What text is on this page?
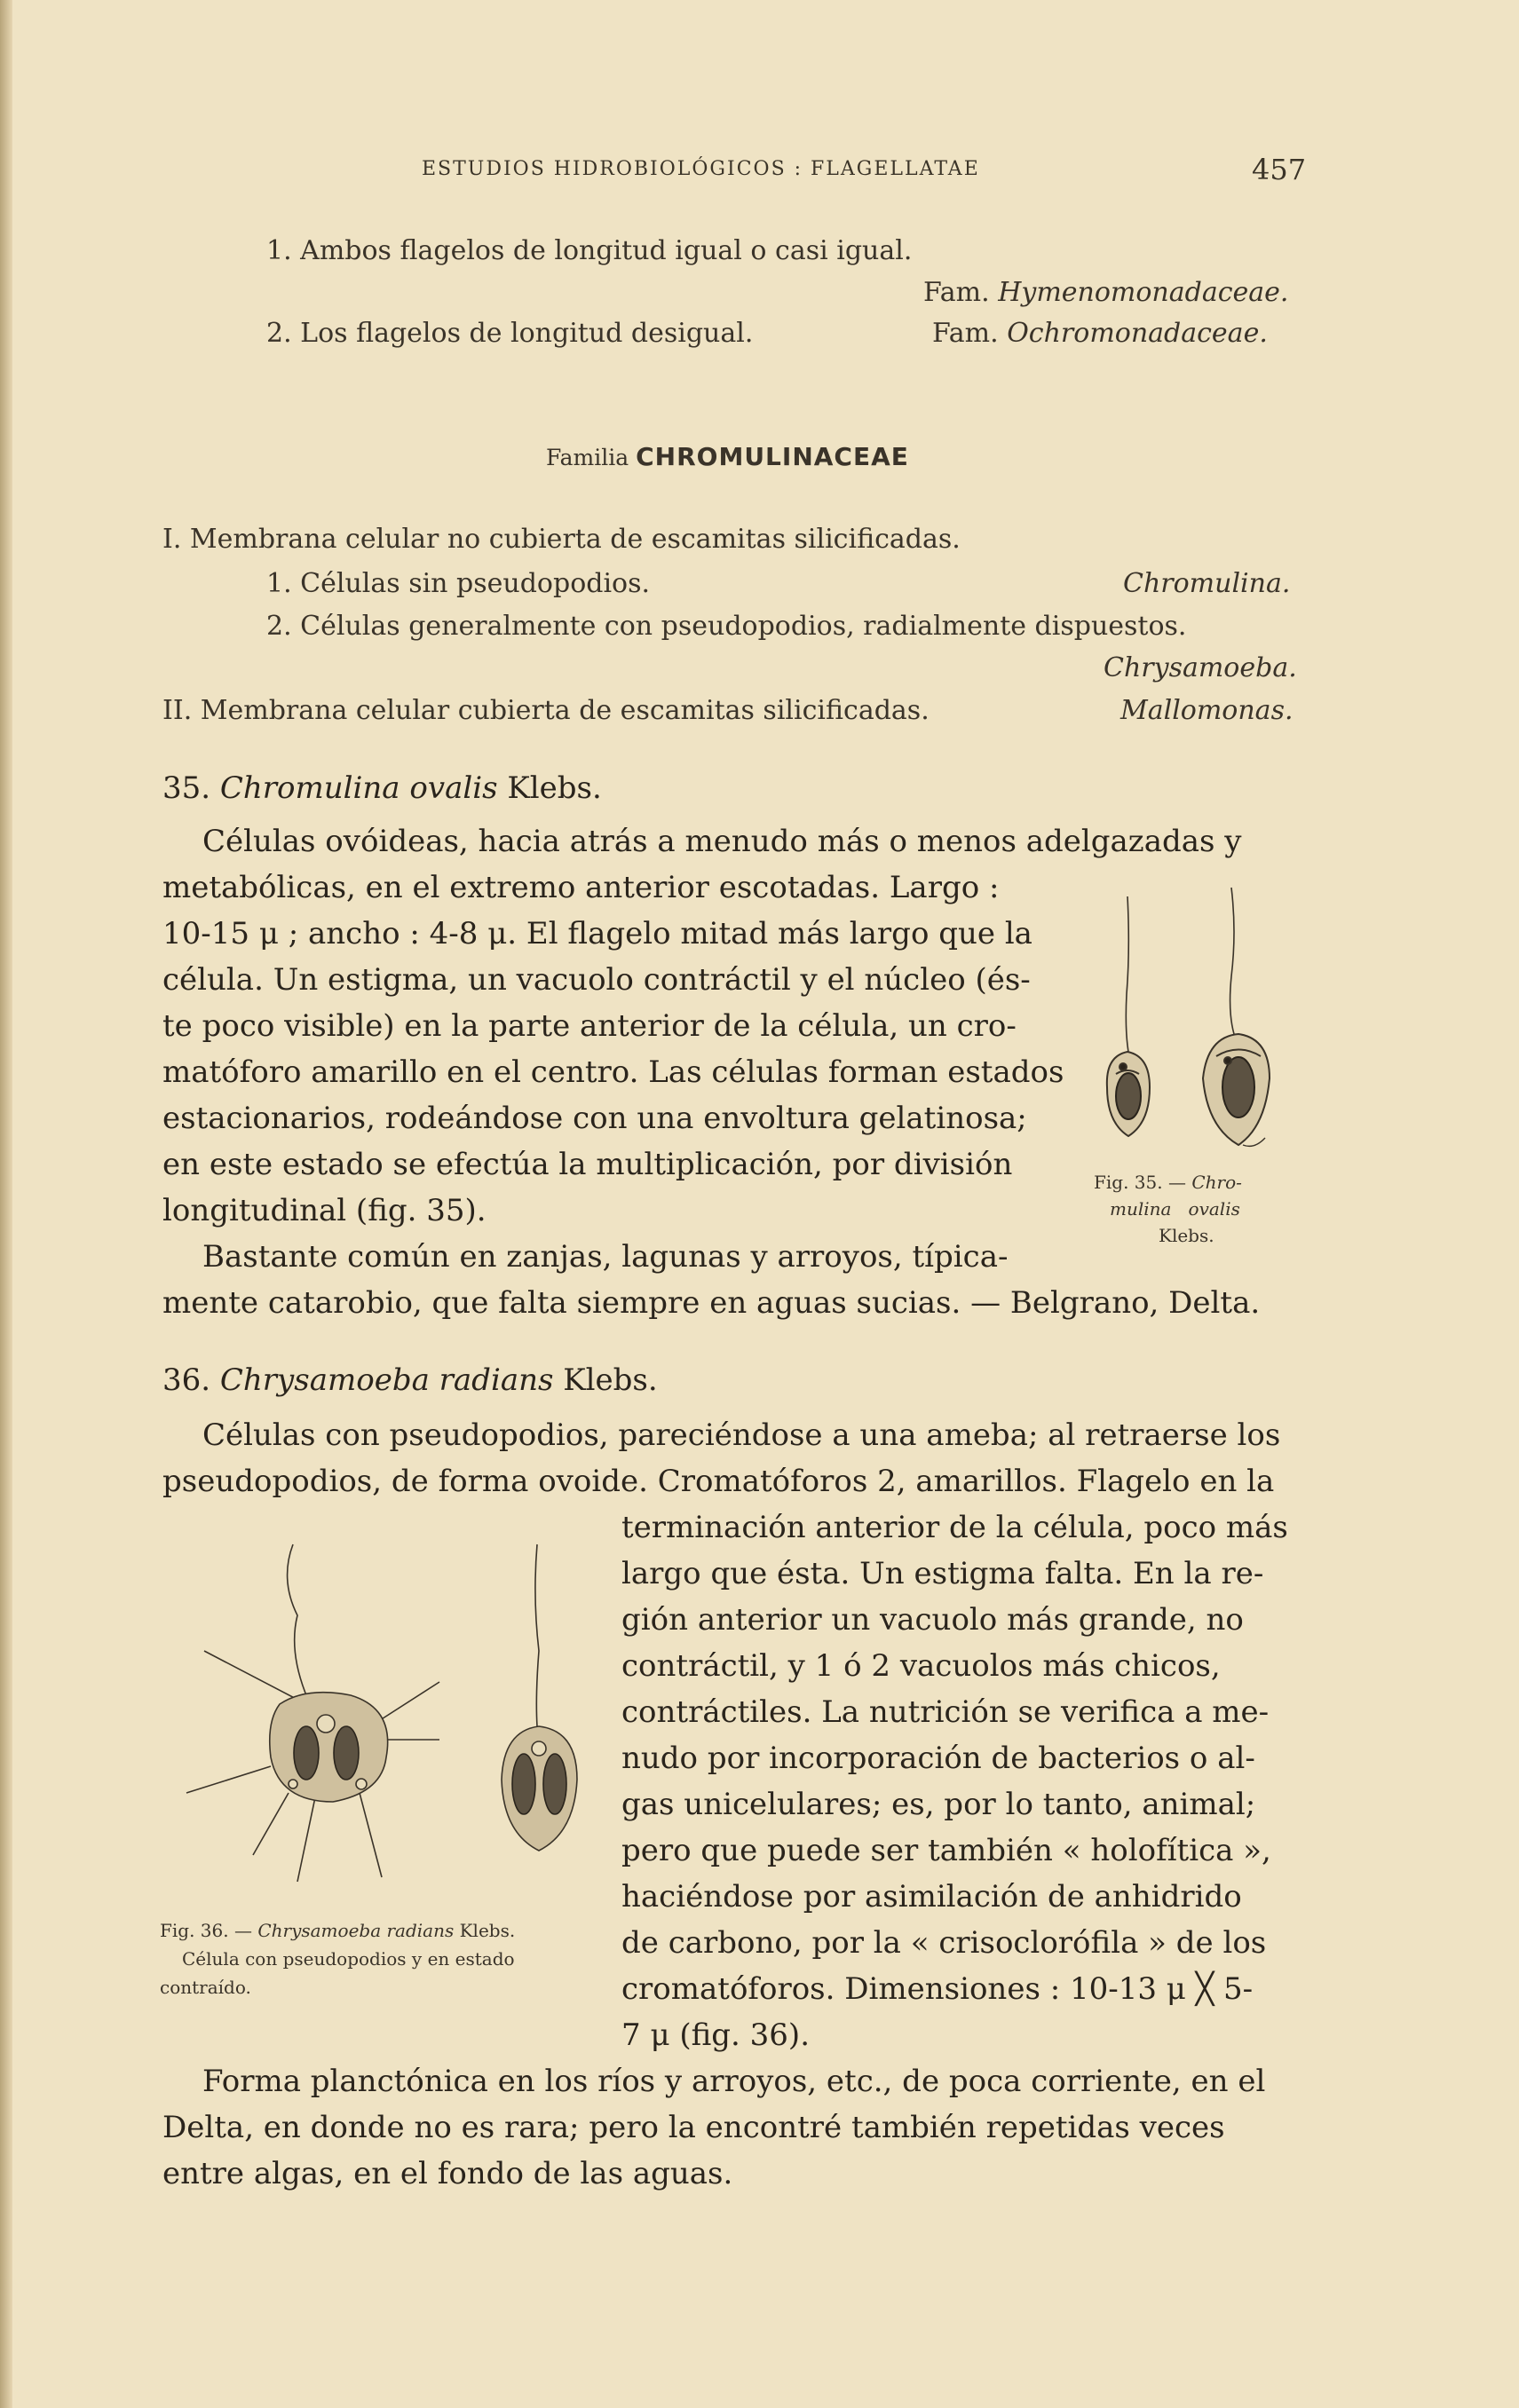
ESTUDIOS HIDROBIOLÓGICOS : FLAGELLATAE	457
1. Ambos flagelos de longitud igual o casi igual.
Fam. Hymenomonadaceae.
2. Los flagelos de longitud desigual.	Fam. Ochromonadaceae.
Familia CHROMULINACEAE
I. Membrana celular no cubierta de escamitas silicificadas.
1. Células sin pseudopodios.	Chromulina.
2. Células generalmente con pseudopodios, radialmente dispuestos.
Chrysamoeba.
II. Membrana celular cubierta de escamitas silicificadas.	Mallomonas.
35. Chromulina ovalis Klebs.
Células ovóideas, hacia atrás a menudo más o menos adelgazadas y
metabólicas, en el extremo anterior escotadas. Largo :
10-15 μ ; ancho : 4-8 μ. El flagelo mitad más largo que la
célula. Un estigma, un vacuolo contráctil y el núcleo (és-
te poco visible) en la parte anterior de la célula, un cro-
matóforo amarillo en el centro. Las células forman estados
estacionarios, rodeándose con una envoltura gelatinosa;
en este estado se efectúa la multiplicación, por división
longitudinal (fig. 35).
Bastante común en zanjas, lagunas y arroyos, típica-
mente catarobio, que falta siempre en aguas sucias. — Belgrano, Delta.
Fig. 35. — Chro-
mulina ovalis
Klebs.
36. Chrysamoeba radians Klebs.
Células con pseudopodios, pareciéndose a una ameba; al retraerse los
pseudopodios, de forma ovoide. Cromatóforos 2, amarillos. Flagelo en la
terminación anterior de la célula, poco más
largo que ésta. Un estigma falta. En la re-
gión anterior un vacuolo más grande, no
contráctil, y 1 ó 2 vacuolos más chicos,
contráctiles. La nutrición se verifica a me-
nudo por incorporación de bacterios o al-
gas unicelulares; es, por lo tanto, animal;
pero que puede ser también « holofítica »,
haciéndose por asimilación de anhidrido
de carbono, por la « crisoclorófila » de los
cromatóforos. Dimensiones : 10-13 μ ╳ 5-
7 μ (fig. 36).
Forma planctónica en los ríos y arroyos, etc., de poca corriente, en el
Delta, en donde no es rara; pero la encontré también repetidas veces
entre algas, en el fondo de las aguas.
Fig. 36. — Chrysamoeba radians Klebs.
Célula con pseudopodios y en estado
contraído.
